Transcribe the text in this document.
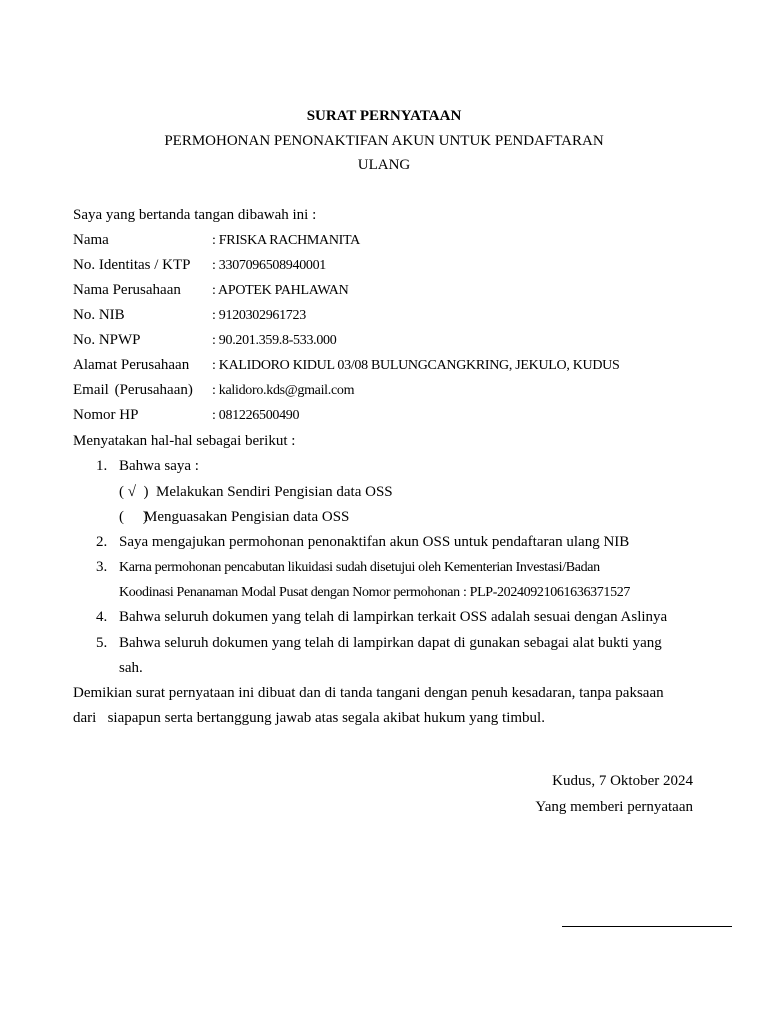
SURAT PERNYATAAN
PERMOHONAN PENONAKTIFAN AKUN UNTUK PENDAFTARAN
ULANG
Saya yang bertanda tangan dibawah ini :
Nama	: FRISKA RACHMANITA
No. Identitas / KTP : 3307096508940001
Nama Perusahaan : APOTEK PAHLAWAN
No. NIB	: 9120302961723
No. NPWP	: 90.201.359.8-533.000
Alamat Perusahaan : KALIDORO KIDUL 03/08 BULUNGCANGKRING, JEKULO, KUDUS
Email (Perusahaan) : kalidoro.kds@gmail.com
Nomor HP	: 081226500490
Menyatakan hal-hal sebagai berikut :
1. Bahwa saya :
( √  ) Melakukan Sendiri Pengisian data OSS
(     )
Menguasakan Pengisian data OSS
2. Saya mengajukan permohonan penonaktifan akun OSS untuk pendaftaran ulang NIB
3. Karna permohonan pencabutan likuidasi sudah disetujui oleh Kementerian Investasi/Badan
Koodinasi Penanaman Modal Pusat dengan Nomor permohonan : PLP-20240921061636371527
4. Bahwa seluruh dokumen yang telah di lampirkan terkait OSS adalah sesuai dengan Aslinya
5. Bahwa seluruh dokumen yang telah di lampirkan dapat di gunakan sebagai alat bukti yang
sah.
Demikian surat pernyataan ini dibuat dan di tanda tangani dengan penuh kesadaran, tanpa paksaan
dari   siapapun serta bertanggung jawab atas segala akibat hukum yang timbul.
Kudus, 7 Oktober 2024
Yang memberi pernyataan
